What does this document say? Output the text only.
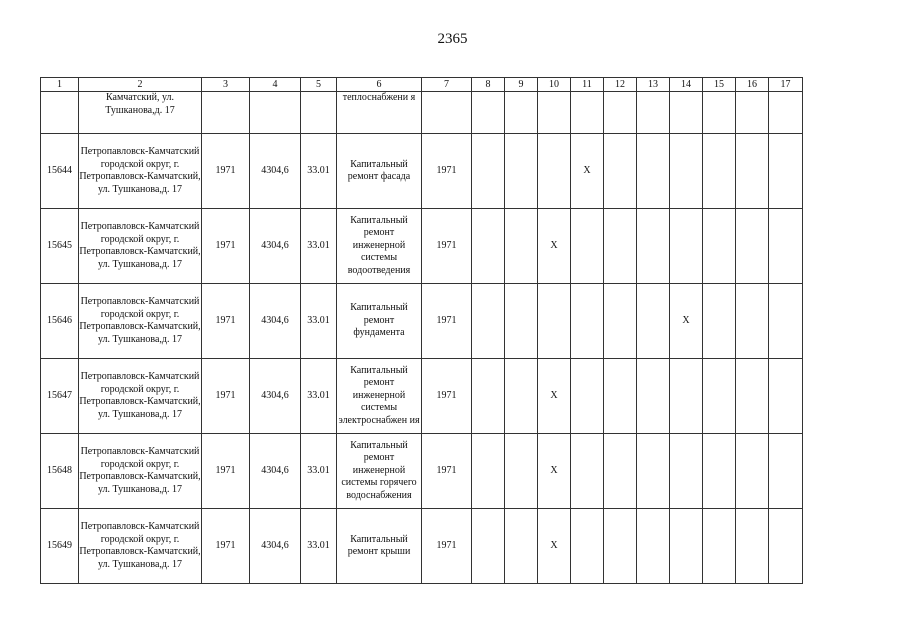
2365
1	2	3	4	5	6	7	8	9	10	11	12	13	14	15	16	17
	Камчатский, ул. Тушканова,д. 17				теплоснабжени я											
15644	Петропавловск-Камчатский городской округ, г. Петропавловск-Камчатский, ул. Тушканова,д. 17	1971	4304,6	33.01	Капитальный ремонт фасада	1971				X						
15645	Петропавловск-Камчатский городской округ, г. Петропавловск-Камчатский, ул. Тушканова,д. 17	1971	4304,6	33.01	Капитальный ремонт инженерной системы водоотведения	1971			X							
15646	Петропавловск-Камчатский городской округ, г. Петропавловск-Камчатский, ул. Тушканова,д. 17	1971	4304,6	33.01	Капитальный ремонт фундамента	1971							X			
15647	Петропавловск-Камчатский городской округ, г. Петропавловск-Камчатский, ул. Тушканова,д. 17	1971	4304,6	33.01	Капитальный ремонт инженерной системы электроснабжен ия	1971			X							
15648	Петропавловск-Камчатский городской округ, г. Петропавловск-Камчатский, ул. Тушканова,д. 17	1971	4304,6	33.01	Капитальный ремонт инженерной системы горячего водоснабжения	1971			X							
15649	Петропавловск-Камчатский городской округ, г. Петропавловск-Камчатский, ул. Тушканова,д. 17	1971	4304,6	33.01	Капитальный ремонт крыши	1971			X							
